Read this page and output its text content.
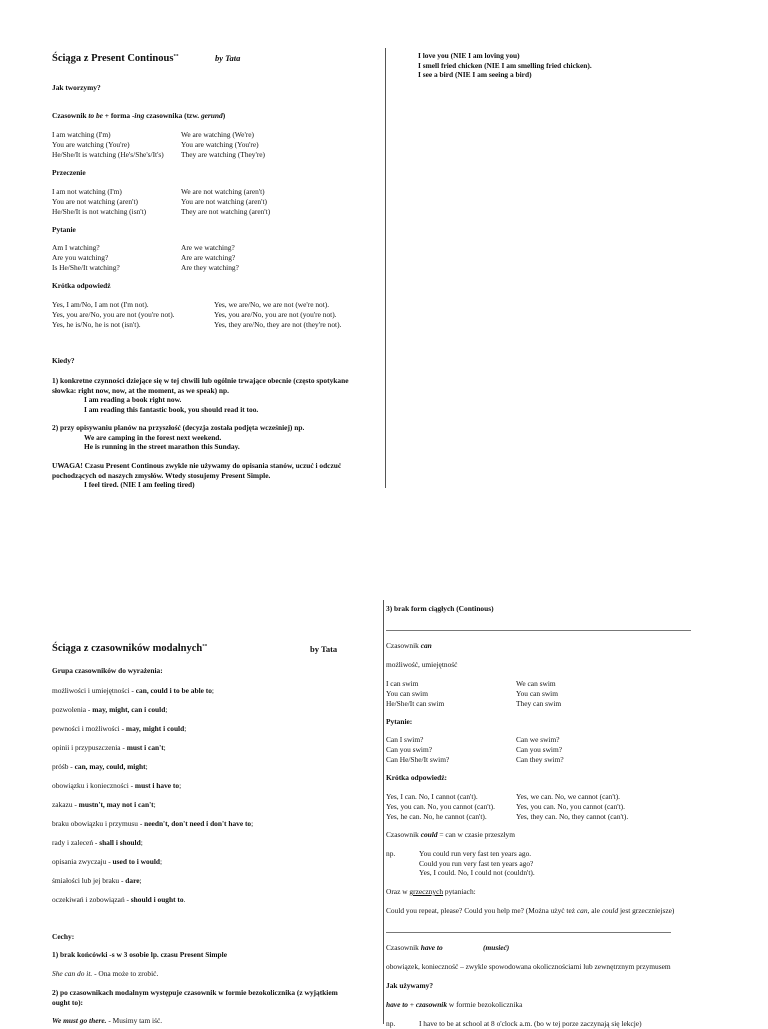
Ściąga z Present Continous**	by Tata
Jak tworzymy?
Czasownik to be + forma -ing czasownika (tzw. gerund)
I am watching (I'm)	We are watching (We're)
You are watching (You're)	You are watching (You're)
He/She/It is watching (He's/She's/It's) They are watching (They're)
Przeczenie
I am not watching (I'm)	We are not watching (aren't)
You are not watching (aren't)	You are not watching (aren't)
He/She/It is not watching (isn't)	They are not watching (aren't)
Pytanie
Am I watching?	Are we watching?
Are you watching?	Are are watching?
Is He/She/It watching?	Are they watching?
Krótka odpowiedź
Yes, I am/No, I am not (I'm not).	Yes, we are/No, we are not (we're not).
Yes, you are/No, you are not (you're not).	Yes, you are/No, you are not (you're not).
Yes, he is/No, he is not (isn't).	Yes, they are/No, they are not (they're not).
Kiedy?
1) konkretne czynności dziejące się w tej chwili lub ogólnie trwające obecnie (często spotykane
słowka: right now, now, at the moment, as we speak) np.
I am reading a book right now.
I am reading this fantastic book, you should read it too.
2) przy opisywaniu planów na przyszłość (decyzja została podjęta wcześniej) np.
We are camping in the forest next weekend.
He is running in the street marathon this Sunday.
UWAGA! Czasu Present Continous zwykle nie używamy do opisania stanów, uczuć i odczuć
pochodzących od naszych zmysłów. Wtedy stosujemy Present Simple.
I feel tired. (NIE I am feeling tired)
I love you (NIE I am loving you)
I smell fried chicken (NIE I am smelling fried chicken).
I see a bird (NIE I am seeing a bird)
Ściąga z czasowników modalnych**	by Tata
Grupa czasowników do wyrażenia:
możliwości i umiejętności - can, could i to be able to;
pozwolenia - may, might, can i could;
pewności i możliwości - may, might i could;
opinii i przypuszczenia - must i can't;
próśb - can, may, could, might;
obowiązku i konieczności - must i have to;
zakazu - mustn't, may not i can't;
braku obowiązku i przymusu - needn't, don't need i don't have to;
rady i zaleceń - shall i should;
opisania zwyczaju - used to i would;
śmiałości lub jej braku - dare;
oczekiwań i zobowiązań - should i ought to.
Cechy:
1) brak końcówki -s w 3 osobie lp. czasu Present Simple
She can do it. - Ona może to zrobić.
2) po czasownikach modalnym występuje czasownik w formie bezokolicznika (z wyjątkiem
ought to):
We must go there. - Musimy tam iść.
3) brak form ciągłych (Continous)
Czasownik can
możliwość, umiejętność
I can swim	We can swim
You can swim	You can swim
He/She/It can swim	They can swim
Pytanie:
Can I swim?	Can we swim?
Can you swim?	Can you swim?
Can He/She/It swim?	Can they swim?
Krótka odpowiedź:
Yes, I can. No, I cannot (can't).	Yes, we can. No, we cannot (can't).
Yes, you can. No, you cannot (can't).	Yes, you can. No, you cannot (can't).
Yes, he can. No, he cannot (can't).	Yes, they can. No, they cannot (can't).
Czasownik could = can w czasie przeszłym
np.	You could run very fast ten years ago.
Could you run very fast ten years ago?
Yes, I could. No, I could not (couldn't).
Oraz w grzecznych pytaniach:
Could you repeat, please? Could you help me? (Można użyć też can, ale could jest grzeczniejsze)
Czasownik have to	(musieć)
obowiązek, konieczność – zwykle spowodowana okolicznościami lub zewnętrznym przymusem
Jak używamy?
have to + czasownik w formie bezokolicznika
np.	I have to be at school at 8 o'clock a.m. (bo w tej porze zaczynają się lekcje)
